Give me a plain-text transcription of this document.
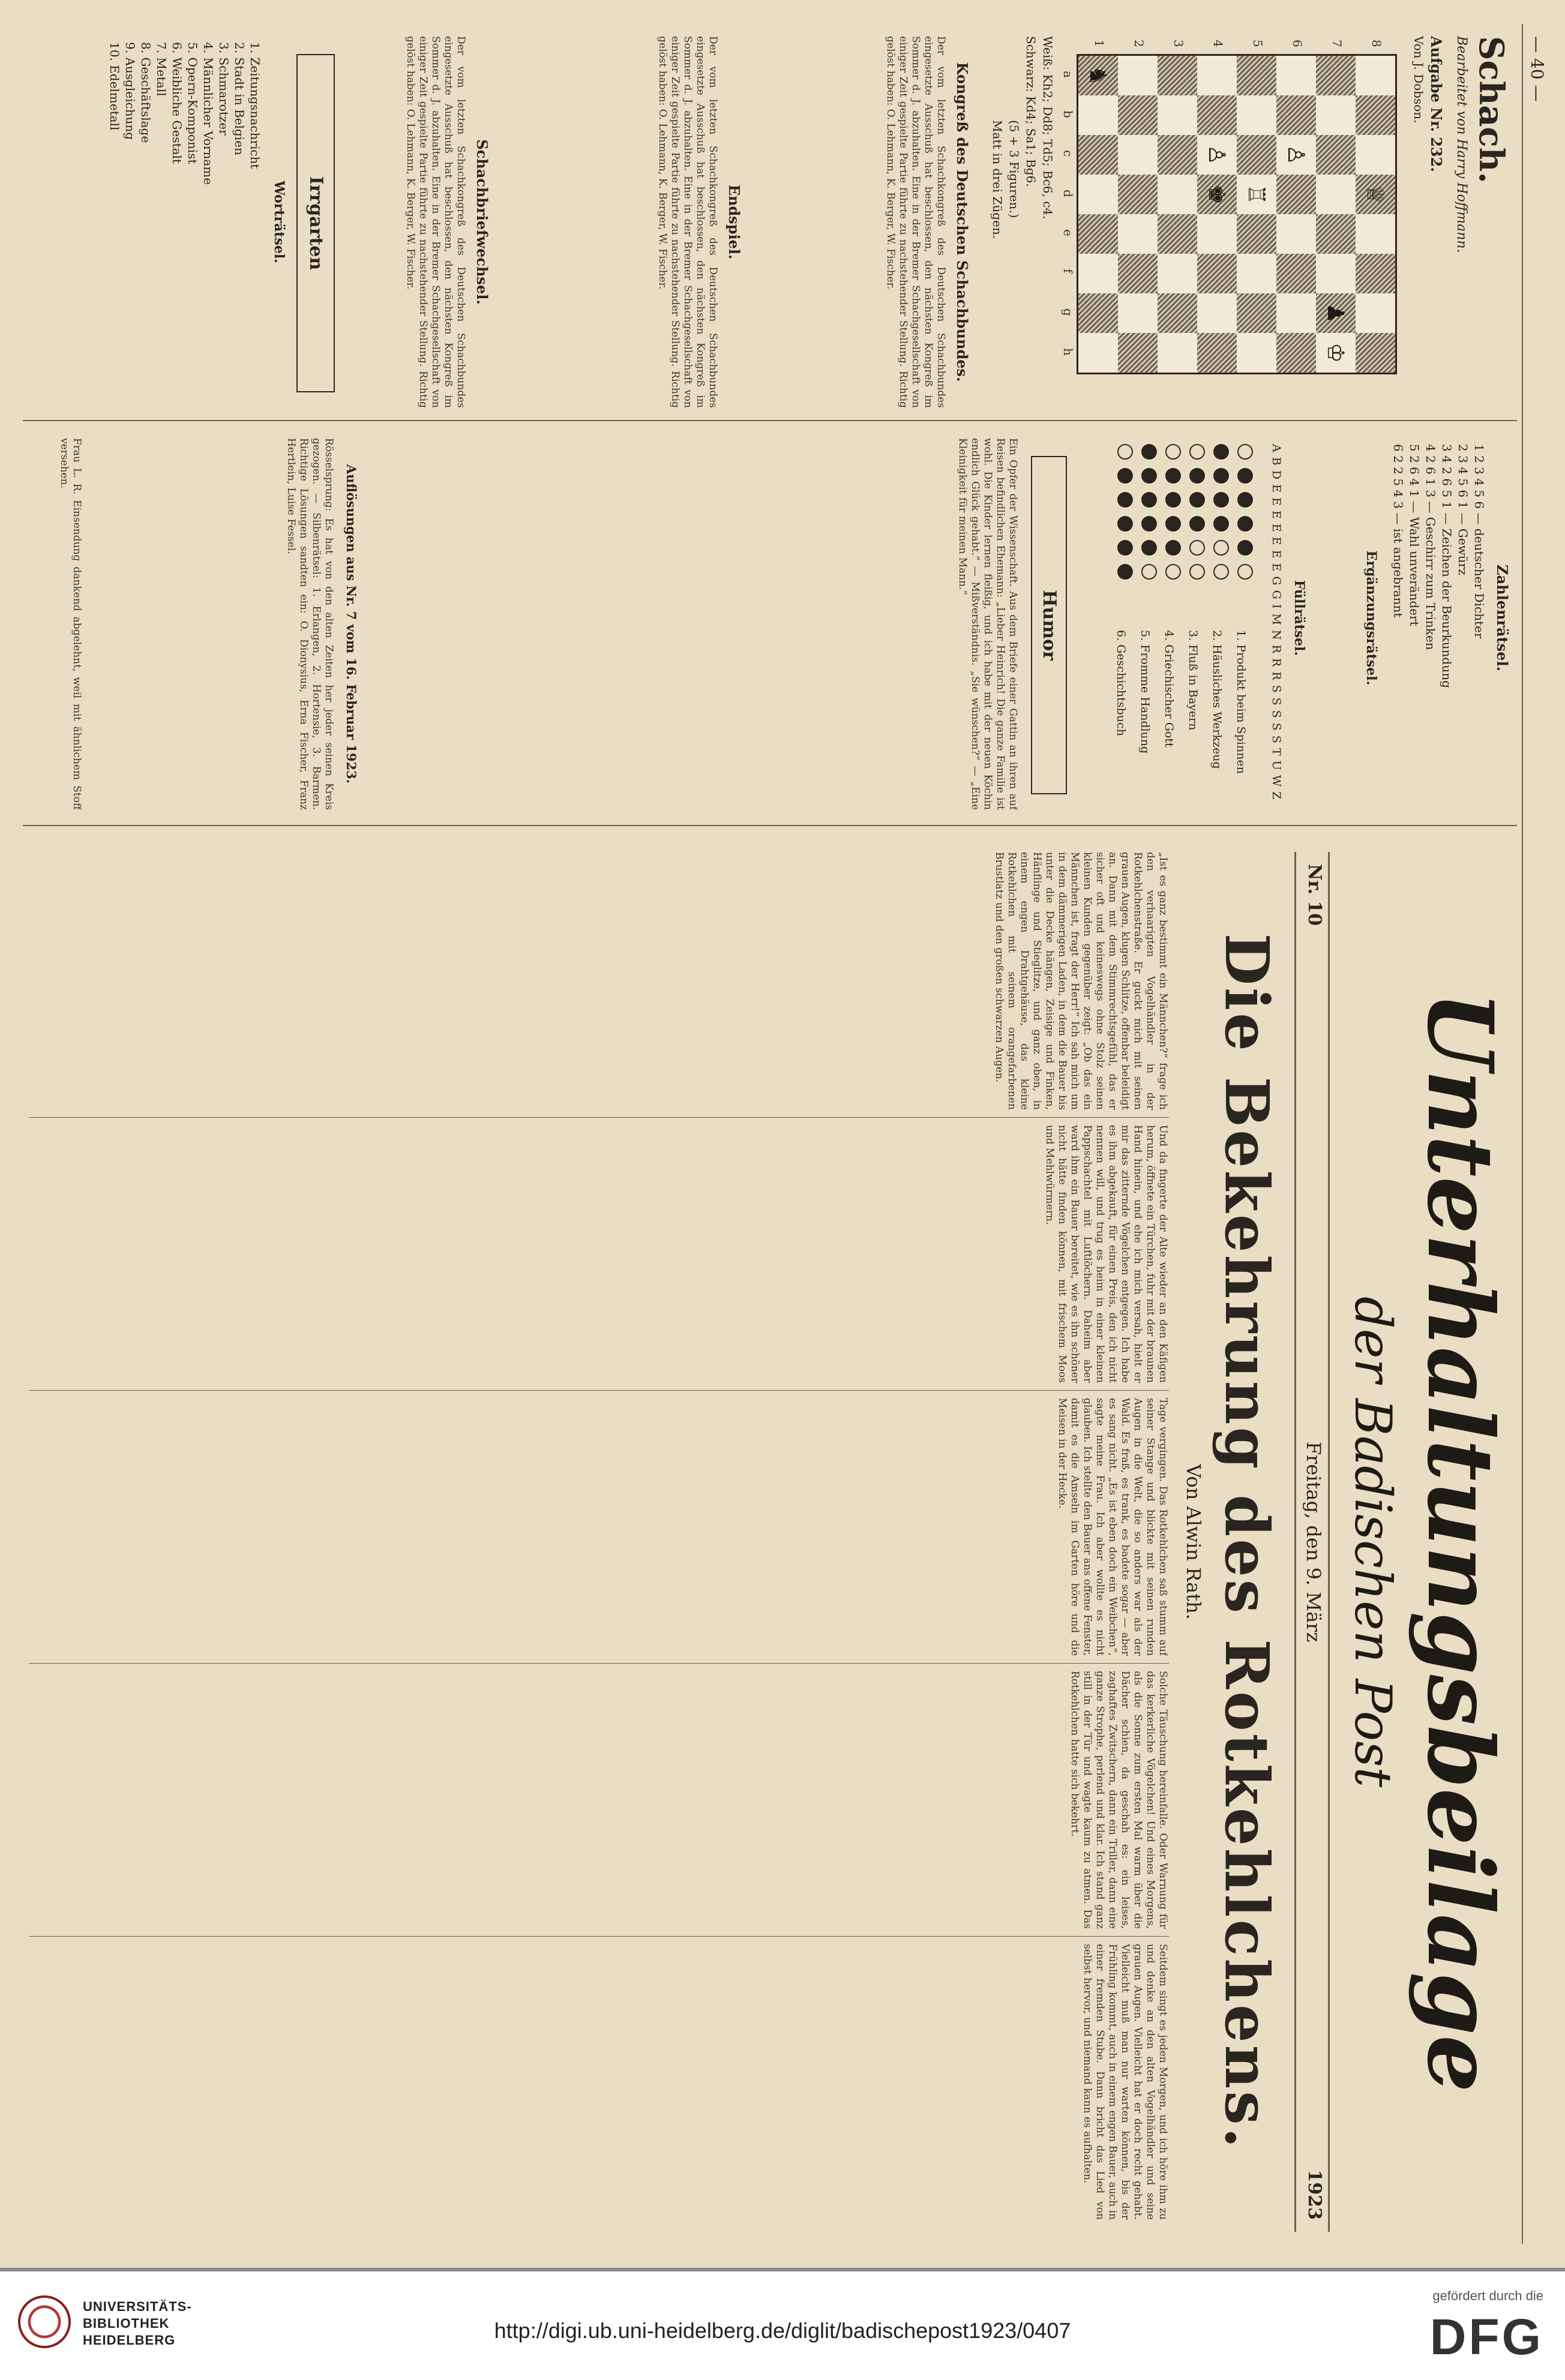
— 40 —
Schach.
Bearbeitet von Harry Hoffmann.
Aufgabe Nr. 232.
Von J. Dobson.
♔
♕
♖
♙
♙
♚
♞
♟
Weiß: Kh2; Dd8; Td5; Bc6, c4.
Schwarz: Kd4; Sa1; Bg6.
(5 + 3 Figuren.)
Matt in drei Zügen.
Kongreß des Deutschen Schachbundes.
Der vom letzten Schachkongreß des Deutschen Schachbundes eingesetzte Ausschuß hat beschlossen, den nächsten Kongreß im Sommer d. J. abzuhalten. Eine in der Bremer Schachgesellschaft von einiger Zeit gespielte Partie führte zu nachstehender Stellung. Richtig gelöst haben: O. Lehmann, K. Berger, W. Fischer.
Endspiel.
Der vom letzten Schachkongreß des Deutschen Schachbundes eingesetzte Ausschuß hat beschlossen, den nächsten Kongreß im Sommer d. J. abzuhalten. Eine in der Bremer Schachgesellschaft von einiger Zeit gespielte Partie führte zu nachstehender Stellung. Richtig gelöst haben: O. Lehmann, K. Berger, W. Fischer.
Schachbriefwechsel.
Der vom letzten Schachkongreß des Deutschen Schachbundes eingesetzte Ausschuß hat beschlossen, den nächsten Kongreß im Sommer d. J. abzuhalten. Eine in der Bremer Schachgesellschaft von einiger Zeit gespielte Partie führte zu nachstehender Stellung. Richtig gelöst haben: O. Lehmann, K. Berger, W. Fischer.
Irrgarten
Worträtsel.
1. Zeitungsnachricht
2. Stadt in Belgien
3. Schmarotzer
4. Männlicher Vorname
5. Opern-Komponist
6. Weibliche Gestalt
7. Metall
8. Geschäftslage
9. Ausgleichung
10. Edelmetall
Zahlenrätsel.
1 2 3 4 5 6 — deutscher Dichter
2 3 4 5 6 1 — Gewürz
3 4 2 6 5 1 — Zeichen der Beurkundung
4 2 6 1 3 — Geschirr zum Trinken
5 2 6 4 1 — Wahl unverändert
6 2 2 5 4 3 — ist angebrannt
Ergänzungsrätsel.
Füllrätsel.
A B D E E E E E E E G G I M N R R R S S S S S T U W Z
1. Produkt beim Spinnen
2. Häusliches Werkzeug
3. Fluß in Bayern
4. Griechischer Gott
5. Fromme Handlung
6. Geschichtsbuch
Humor
Ein Opfer der Wissenschaft. Aus dem Briefe einer Gattin an ihren auf Reisen befindlichen Ehemann: „Lieber Heinrich! Die ganze Familie ist wohl. Die Kinder lernen fleißig, und ich habe mit der neuen Köchin endlich Glück gehabt.“ — Mißverständnis. „Sie wünschen?“ — „Eine Kleinigkeit für meinen Mann.“
Auflösungen aus Nr. 7 vom 16. Februar 1923.
Rösselsprung: Es hat von den alten Zeiten her jeder seinen Kreis gezogen. — Silbenrätsel: 1. Erlangen, 2. Hortensie, 3. Barmen. Richtige Lösungen sandten ein: O. Dionysius, Erna Fischer, Franz Hertlein, Luise Fessel.
Frau L. R. Einsendung dankend abgelehnt, weil mit ähnlichem Stoff versehen.
Unterhaltungsbeilage
der Badischen Post
Nr. 10
Freitag, den 9. März
1923
Die Bekehrung des Rotkehlchens.
Von Alwin Rath.
„Ist es ganz bestimmt ein Männchen?“ frage ich den verhaarigten Vogelhändler in der Rotkehlchenstraße. Er guckt mich mit seinen grauen Augen, klugen Schlitze, offenbar beleidigt an. Dann mit dem Stimmrechtsgefühl, das er sicher oft und keineswegs ohne Stolz seinen kleinen Kunden gegenüber zeigt: „Ob das ein Männchen ist, fragt der Herr!“ Ich sah mich um in dem dämmerigen Laden, in dem die Bauer bis unter die Decke hängen, Zeisige und Finken, Hänflinge und Stieglitze, und ganz oben, in einem engen Drahtgehäuse, das kleine Rotkehlchen mit seinem orangefarbenen Brustlatz und den großen schwarzen Augen.
Und da fingerte der Alte wieder an den Käfigen herum, öffnete ein Türchen, fuhr mit der braunen Hand hinein, und ehe ich mich versah, hielt er mir das zitternde Vögelchen entgegen. Ich habe es ihm abgekauft, für einen Preis, den ich nicht nennen will, und trug es heim in einer kleinen Pappschachtel mit Luftlöchern. Daheim aber ward ihm ein Bauer bereitet, wie es ihn schöner nicht hätte finden können, mit frischem Moos und Mehlwürmern.
Tage vergingen. Das Rotkehlchen saß stumm auf seiner Stange und blickte mit seinen runden Augen in die Welt, die so anders war als der Wald. Es fraß, es trank, es badete sogar — aber es sang nicht. „Es ist eben doch ein Weibchen“, sagte meine Frau. Ich aber wollte es nicht glauben. Ich stellte den Bauer ans offene Fenster, damit es die Amseln im Garten höre und die Meisen in der Hecke.
Solche Täuschung hereinfalle. Oder Warnung für das kerkerliche Vögelchen! Und eines Morgens, als die Sonne zum ersten Mal warm über die Dächer schien, da geschah es: ein leises, zaghaftes Zwitschern, dann ein Triller, dann eine ganze Strophe, perlend und klar. Ich stand ganz still in der Tür und wagte kaum zu atmen. Das Rotkehlchen hatte sich bekehrt.
Seitdem singt es jeden Morgen, und ich höre ihm zu und denke an den alten Vogelhändler und seine grauen Augen. Vielleicht hat er doch recht gehabt. Vielleicht muß man nur warten können, bis der Frühling kommt, auch in einem engen Bauer, auch in einer fremden Stube. Dann bricht das Lied von selbst hervor, und niemand kann es aufhalten.
a
b
c
d
e
f
g
h
8
7
6
5
4
3
2
1
UNIVERSITÄTS-
BIBLIOTHEK
HEIDELBERG	http://digi.ub.uni-heidelberg.de/diglit/badischepost1923/0407
gefördert durch die
DFG
